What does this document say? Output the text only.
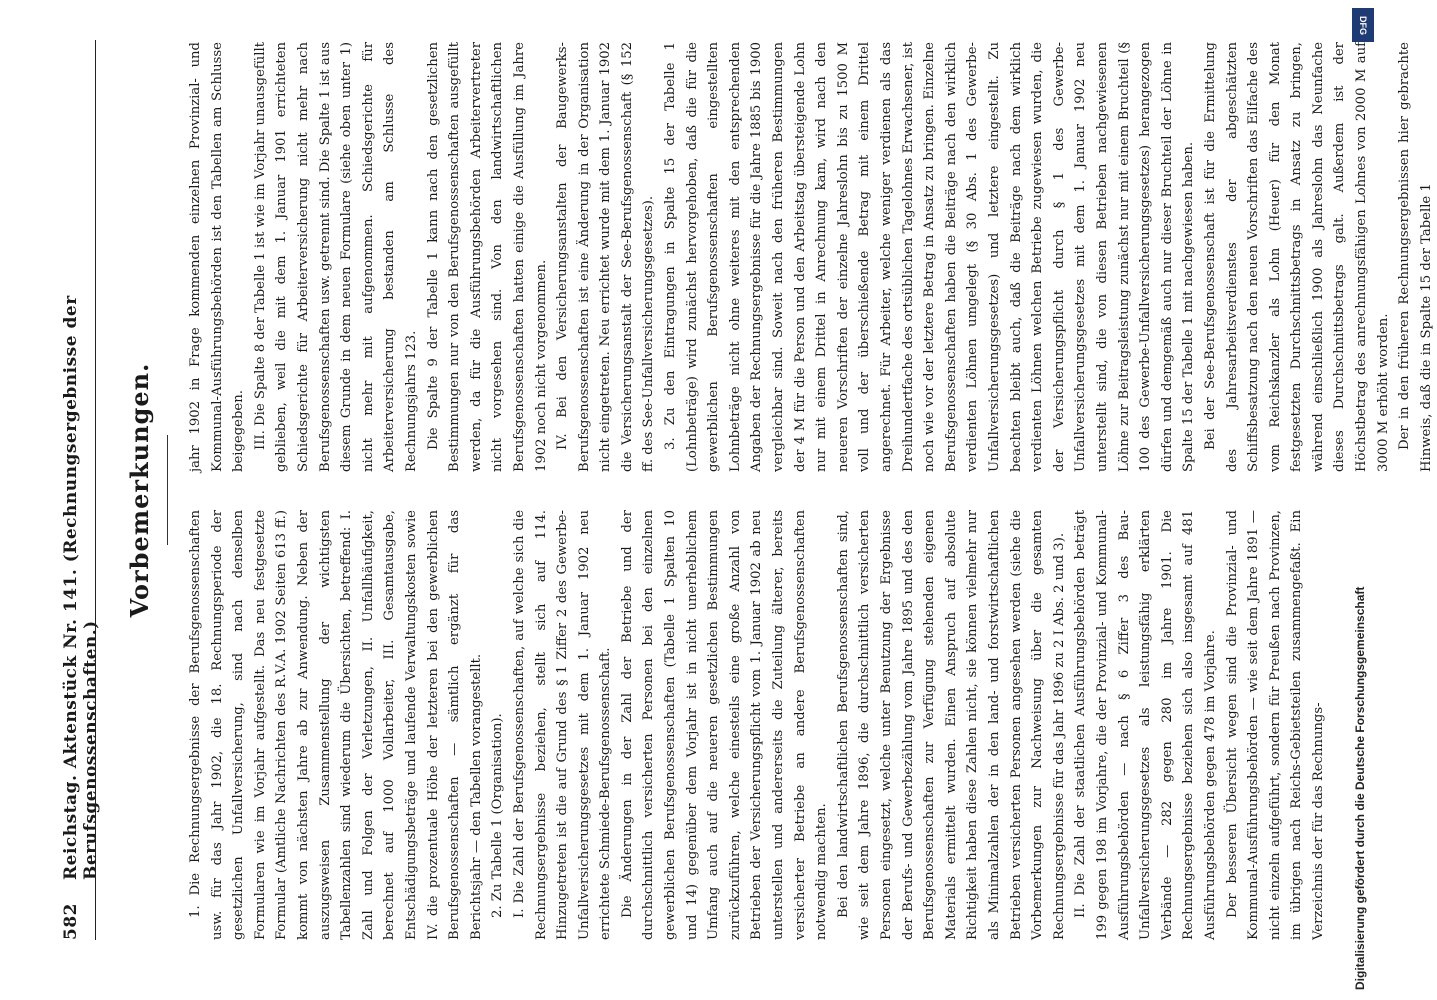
582
Reichstag. Aktenstück Nr. 141. (Rechnungsergebnisse der Berufsgenossenschaften.)
Vorbemerkungen.

1. Die Rechnungsergebnisse der Berufsgenossenschaften usw. für das Jahr 1902, die 18. Rechnungsperiode der gesetzlichen Unfallversicherung, sind nach denselben Formularen wie im Vorjahr aufgestellt. Das neu festgesetzte Formular (Amtliche Nachrichten des R.V.A. 1902 Seiten 613 ff.) kommt von nächsten Jahre ab zur Anwendung. Neben der auszugsweisen Zusammenstellung der wichtigsten Tabellenzahlen sind wiederum die Übersichten, betreffend: I. Zahl und Folgen der Verletzungen, II. Unfallhäufigkeit, berechnet auf 1000 Vollarbeiter, III. Gesamtausgabe, Entschädigungsbeträge und laufende Verwaltungskosten sowie IV. die prozentuale Höhe der letzteren bei den gewerblichen Berufsgenossenschaften — sämtlich ergänzt für das Berichtsjahr — den Tabellen vorangestellt. 2. Zu Tabelle 1 (Organisation). I. Die Zahl der Berufsgenossenschaften, auf welche sich die Rechnungsergebnisse beziehen, stellt sich auf 114. Hinzugetreten ist die auf Grund des § 1 Ziffer 2 des Gewerbe-Unfallversicherungsgesetzes mit dem 1. Januar 1902 neu errichtete Schmiede-Berufsgenossenschaft. Die Änderungen in der Zahl der Betriebe und der durchschnittlich versicherten Personen bei den einzelnen gewerblichen Berufsgenossenschaften (Tabelle 1 Spalten 10 und 14) gegenüber dem Vorjahr ist in nicht unerheblichem Umfang auch auf die neueren gesetzlichen Bestimmungen zurückzuführen, welche einesteils eine große Anzahl von Betrieben der Versicherungspflicht vom 1. Januar 1902 ab neu unterstellen und andererseits die Zuteilung älterer, bereits versicherter Betriebe an andere Berufsgenossenschaften notwendig machten. Bei den landwirtschaftlichen Berufsgenossenschaften sind, wie seit dem Jahre 1896, die durchschnittlich versicherten Personen eingesetzt, welche unter Benutzung der Ergebnisse der Berufs- und Gewerbezählung vom Jahre 1895 und des den Berufsgenossenschaften zur Verfügung stehenden eigenen Materials ermittelt wurden. Einen Anspruch auf absolute Richtigkeit haben diese Zahlen nicht, sie können vielmehr nur als Minimalzahlen der in den land- und forstwirtschaftlichen Betrieben versicherten Personen angesehen werden (siehe die Vorbemerkungen zur Nachweisung über die gesamten Rechnungsergebnisse für das Jahr 1896 zu 2 I Abs. 2 und 3). II. Die Zahl der staatlichen Ausführungsbehörden beträgt 199 gegen 198 im Vorjahre, die der Provinzial- und Kommunal-Ausführungsbehörden — nach § 6 Ziffer 3 des Bau-Unfallversicherungsgesetzes als leistungsfähig erklärten Verbände — 282 gegen 280 im Jahre 1901. Die Rechnungsergebnisse beziehen sich also insgesamt auf 481 Ausführungsbehörden gegen 478 im Vorjahre. Der besseren Übersicht wegen sind die Provinzial- und Kommunal-Ausführungsbehörden — wie seit dem Jahre 1891 — nicht einzeln aufgeführt, sondern für Preußen nach Provinzen, im übrigen nach Reichs-Gebietsteilen zusammengefaßt. Ein Verzeichnis der für das Rechnungs-

jahr 1902 in Frage kommenden einzelnen Provinzial- und Kommunal-Ausführungsbehörden ist den Tabellen am Schlusse beigegeben. III. Die Spalte 8 der Tabelle 1 ist wie im Vorjahr unausgefüllt geblieben, weil die mit dem 1. Januar 1901 errichteten Schiedsgerichte für Arbeiterversicherung nicht mehr nach Berufsgenossenschaften usw. getrennt sind. Die Spalte 1 ist aus diesem Grunde in dem neuen Formulare (siehe oben unter 1) nicht mehr mit aufgenommen. Schiedsgerichte für Arbeiterversicherung bestanden am Schlusse des Rechnungsjahrs 123. Die Spalte 9 der Tabelle 1 kann nach den gesetzlichen Bestimmungen nur von den Berufsgenossenschaften ausgefüllt werden, da für die Ausführungsbehörden Arbeitervertreter nicht vorgesehen sind. Von den landwirtschaftlichen Berufsgenossenschaften hatten einige die Ausfüllung im Jahre 1902 noch nicht vorgenommen. IV. Bei den Versicherungsanstalten der Baugewerks-Berufsgenossenschaften ist eine Änderung in der Organisation nicht eingetreten. Neu errichtet wurde mit dem 1. Januar 1902 die Versicherungsanstalt der See-Berufsgenossenschaft (§ 152 ff. des See-Unfallversicherungsgesetzes). 3. Zu den Eintragungen in Spalte 15 der Tabelle 1 (Lohnbeträge) wird zunächst hervorgehoben, daß die für die gewerblichen Berufsgenossenschaften eingestellten Lohnbeträge nicht ohne weiteres mit den entsprechenden Angaben der Rechnungsergebnisse für die Jahre 1885 bis 1900 vergleichbar sind. Soweit nach den früheren Bestimmungen der 4 M für die Person und den Arbeitstag übersteigende Lohn nur mit einem Drittel in Anrechnung kam, wird nach den neueren Vorschriften der einzelne Jahreslohn bis zu 1500 M voll und der überschießende Betrag mit einem Drittel angerechnet. Für Arbeiter, welche weniger verdienen als das Dreihundertfache des ortsüblichen Tagelohnes Erwachsener, ist noch wie vor der letztere Betrag in Ansatz zu bringen. Einzelne Berufsgenossenschaften haben die Beiträge nach den wirklich verdienten Löhnen umgelegt (§ 30 Abs. 1 des Gewerbe-Unfallversicherungsgesetzes) und letztere eingestellt. Zu beachten bleibt auch, daß die Beiträge nach dem wirklich verdienten Löhnen welchen Betriebe zugewiesen wurden, die der Versicherungspflicht durch § 1 des Gewerbe-Unfallversicherungsgesetzes mit dem 1. Januar 1902 neu unterstellt sind, die von diesen Betrieben nachgewiesenen Löhne zur Beitragsleistung zunächst nur mit einem Bruchteil (§ 100 des Gewerbe-Unfallversicherungsgesetzes) herangezogen dürfen und demgemäß auch nur dieser Bruchteil der Löhne in Spalte 15 der Tabelle 1 mit nachgewiesen haben. Bei der See-Berufsgenossenschaft ist für die Ermittelung des Jahresarbeitsverdienstes der abgeschätzten Schiffsbesatzung nach den neuen Vorschriften das Eilfache des vom Reichskanzler als Lohn (Heuer) für den Monat festgesetzten Durchschnittsbetrags in Ansatz zu bringen, während einschließlich 1900 als Jahreslohn das Neunfache dieses Durchschnittsbetrags galt. Außerdem ist der Höchstbetrag des anrechnungsfähigen Lohnes von 2000 M auf 3000 M erhöht worden. Der in den früheren Rechnungsergebnissen hier gebrachte Hinweis, daß die in Spalte 15 der Tabelle 1

DFG
Digitalisierung gefördert durch die Deutsche Forschungsgemeinschaft
